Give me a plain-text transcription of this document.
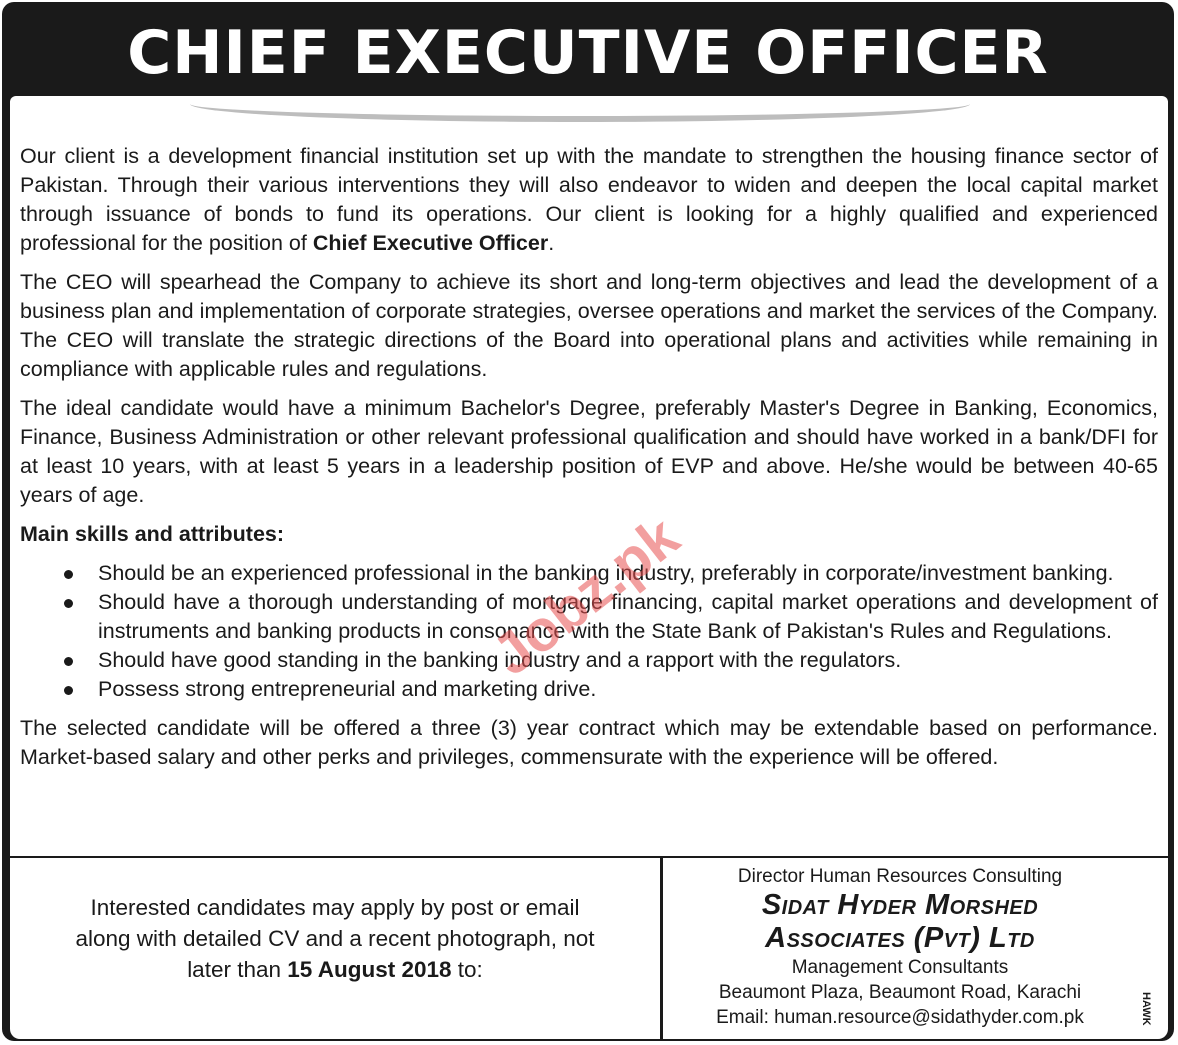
CHIEF EXECUTIVE OFFICER

Our client is a development financial institution set up with the mandate to strengthen the housing finance sector of Pakistan. Through their various interventions they will also endeavor to widen and deepen the local capital market through issuance of bonds to fund its operations. Our client is looking for a highly qualified and experienced professional for the position of Chief Executive Officer.

The CEO will spearhead the Company to achieve its short and long-term objectives and lead the development of a business plan and implementation of corporate strategies, oversee operations and market the services of the Company. The CEO will translate the strategic directions of the Board into operational plans and activities while remaining in compliance with applicable rules and regulations.

The ideal candidate would have a minimum Bachelor's Degree, preferably Master's Degree in Banking, Economics, Finance, Business Administration or other relevant professional qualification and should have worked in a bank/DFI for at least 10 years, with at least 5 years in a leadership position of EVP and above. He/she would be between 40-65 years of age.

Main skills and attributes:

Should be an experienced professional in the banking industry, preferably in corporate/investment banking.
Should have a thorough understanding of mortgage financing, capital market operations and development of instruments and banking products in consonance with the State Bank of Pakistan's Rules and Regulations.
Should have good standing in the banking industry and a rapport with the regulators.
Possess strong entrepreneurial and marketing drive.

The selected candidate will be offered a three (3) year contract which may be extendable based on performance. Market-based salary and other perks and privileges, commensurate with the experience will be offered.

Interested candidates may apply by post or email
along with detailed CV and a recent photograph, not
later than 15 August 2018 to:
Director Human Resources Consulting
Sidat Hyder Morshed
Associates (Pvt) Ltd
Management Consultants
Beaumont Plaza, Beaumont Road, Karachi
Email: human.resource@sidathyder.com.pk	HAWK
Jobz.pk
